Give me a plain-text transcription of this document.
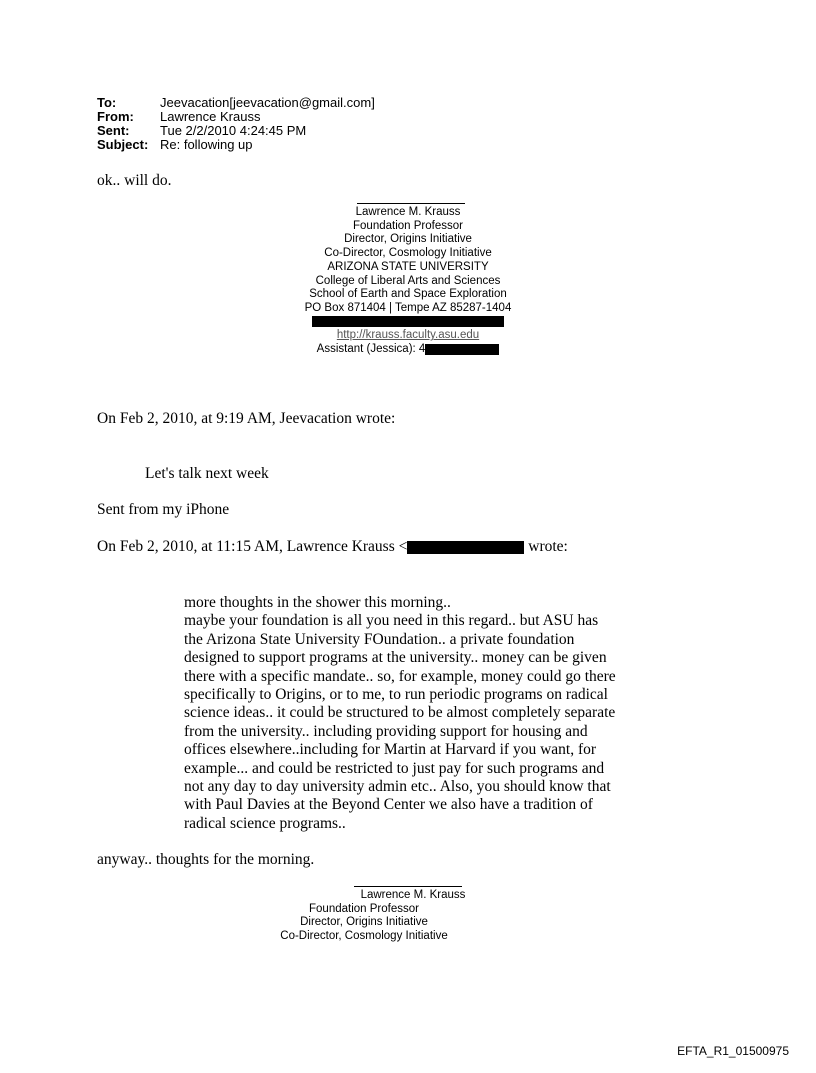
To:	Jeevacation[jeevacation@gmail.com]
From:	Lawrence Krauss
Sent:	Tue 2/2/2010 4:24:45 PM
Subject: Re: following up
ok.. will do.
Lawrence M. Krauss
Foundation Professor
Director, Origins Initiative
Co-Director, Cosmology Initiative
ARIZONA STATE UNIVERSITY
College of Liberal Arts and Sciences
School of Earth and Space Exploration
PO Box 871404 | Tempe AZ 85287-1404
http://krauss.faculty.asu.edu
Assistant (Jessica): 4
On Feb 2, 2010, at 9:19 AM, Jeevacation wrote:
Let's talk next week
Sent from my iPhone
On Feb 2, 2010, at 11:15 AM, Lawrence Krauss <	wrote:
more thoughts in the shower this morning..
maybe your foundation is all you need in this regard.. but ASU has
the Arizona State University FOundation.. a private foundation
designed to support programs at the university.. money can be given
there with a specific mandate.. so, for example, money could go there
specifically to Origins, or to me, to run periodic programs on radical
science ideas.. it could be structured to be almost completely separate
from the university.. including providing support for housing and
offices elsewhere..including for Martin at Harvard if you want, for
example... and could be restricted to just pay for such programs and
not any day to day university admin etc.. Also, you should know that
with Paul Davies at the Beyond Center we also have a tradition of
radical science programs..
anyway.. thoughts for the morning.
Lawrence M. Krauss
Foundation Professor
Director, Origins Initiative
Co-Director, Cosmology Initiative
EFTA_R1_01500975
